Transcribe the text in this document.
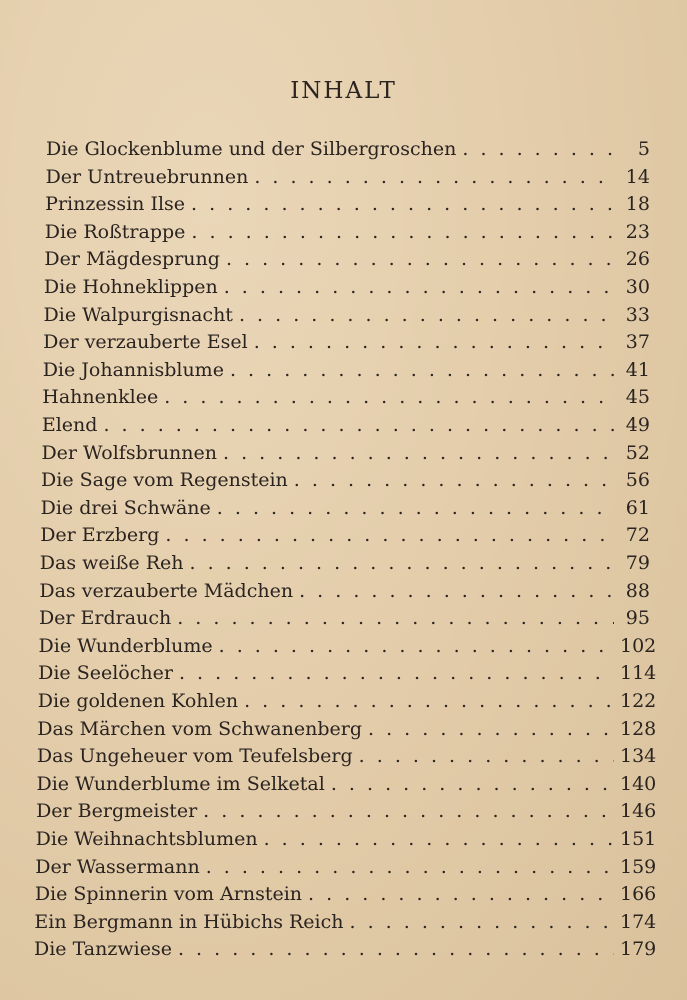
INHALT
Die Glockenblume und der Silbergroschen . . .	5
Der Untreuebrunnen . . .	14
Prinzessin Ilse . . .	18
Die Roßtrappe . . .	23
Der Mägdesprung . . .	26
Die Hohneklippen . . .	30
Die Walpurgisnacht . . .	33
Der verzauberte Esel . . .	37
Die Johannisblume . . .	41
Hahnenklee . . .	45
Elend . . .	49
Der Wolfsbrunnen . . .	52
Die Sage vom Regenstein . . .	56
Die drei Schwäne . . .	61
Der Erzberg . . .	72
Das weiße Reh . . .	79
Das verzauberte Mädchen . . .	88
Der Erdrauch . . .	95
Die Wunderblume . . .	102
Die Seelöcher . . .	114
Die goldenen Kohlen . . .	122
Das Märchen vom Schwanenberg . . .	128
Das Ungeheuer vom Teufelsberg . . .	134
Die Wunderblume im Selketal . . .	140
Der Bergmeister . . .	146
Die Weihnachtsblumen . . .	151
Der Wassermann . . .	159
Die Spinnerin vom Arnstein . . .	166
Ein Bergmann in Hübichs Reich . . .	174
Die Tanzwiese . . .	179
